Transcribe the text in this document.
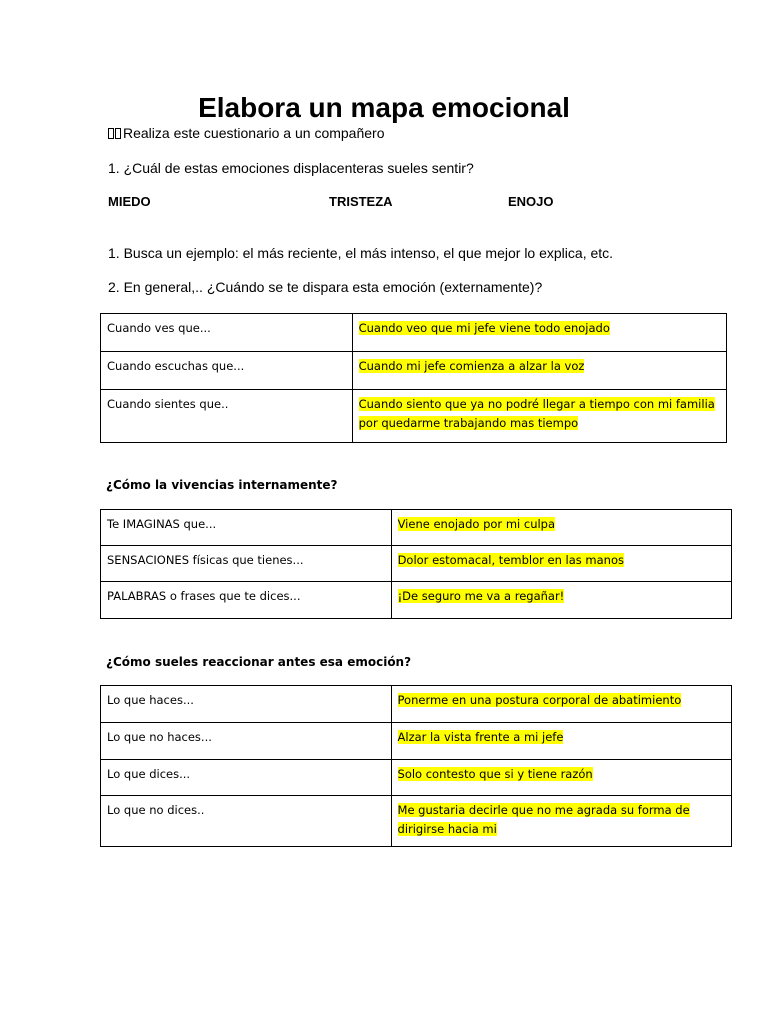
Elabora un mapa emocional
Realiza este cuestionario a un compañero
1. ¿Cuál de estas emociones displacenteras sueles sentir?
MIEDO	TRISTEZA	ENOJO
1. Busca un ejemplo: el más reciente, el más intenso, el que mejor lo explica, etc.
2. En general,.. ¿Cuándo se te dispara esta emoción (externamente)?
Cuando ves que...	Cuando veo que mi jefe viene todo enojado
Cuando escuchas que...	Cuando mi jefe comienza a alzar la voz
Cuando sientes que..	Cuando siento que ya no podré llegar a tiempo con mi familia
por quedarme trabajando mas tiempo
¿Cómo la vivencias internamente?
Te IMAGINAS que...	Viene enojado por mi culpa
SENSACIONES físicas que tienes...	Dolor estomacal, temblor en las manos
PALABRAS o frases que te dices...	¡De seguro me va a regañar!
¿Cómo sueles reaccionar antes esa emoción?
Lo que haces...	Ponerme en una postura corporal de abatimiento
Lo que no haces...	Alzar la vista frente a mi jefe
Lo que dices...	Solo contesto que si y tiene razón
Lo que no dices..	Me gustaria decirle que no me agrada su forma de
dirigirse hacia mi
